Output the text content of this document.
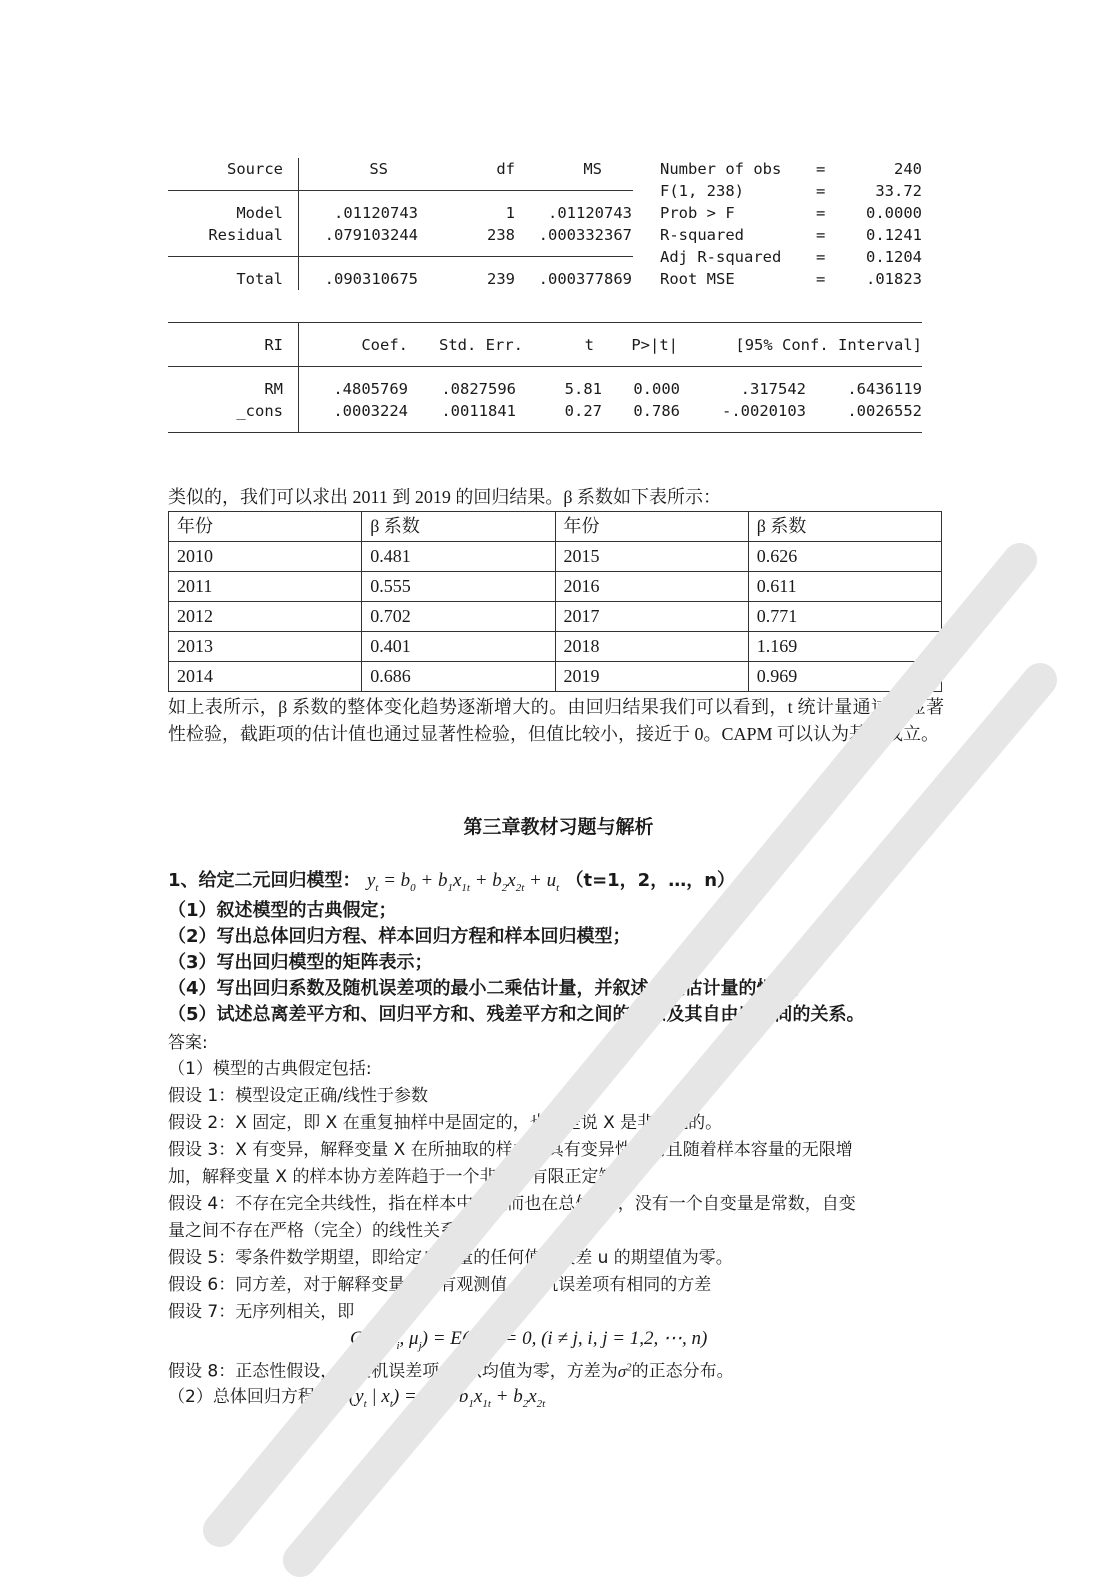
Source	SS	df	MS
Model	.01120743	1	.01120743
Residual	.079103244	238	.000332367
Total	.090310675	239	.000377869
Number of obs =	240
F(1, 238)	=	33.72
Prob > F	=	0.0000
R-squared	=	0.1241
Adj R-squared =	0.1204
Root MSE	=	.01823
RI	Coef.	Std. Err.	t	P>|t|	[95% Conf. Interval]
RM	.4805769	.0827596	5.81	0.000	.317542	.6436119
_cons	.0003224	.0011841	0.27	0.786	-.0020103	.0026552
类似的，我们可以求出 2011 到 2019 的回归结果。β 系数如下表所示：
年份	β 系数	年份	β 系数
2010	0.481	2015	0.626
2011	0.555	2016	0.611
2012	0.702	2017	0.771
2013	0.401	2018	1.169
2014	0.686	2019	0.969
如上表所示，β 系数的整体变化趋势逐渐增大的。由回归结果我们可以看到，t 统计量通过了显著性检验，截距项的估计值也通过显著性检验，但值比较小，接近于 0。CAPM 可以认为基本成立。
第三章教材习题与解析
1、给定二元回归模型： $y_t = b_0 + b_1x_{1t} + b_2x_{2t} + u_t$ （t=1，2，…，n）
（1）叙述模型的古典假定；
（2）写出总体回归方程、样本回归方程和样本回归模型；
（3）写出回归模型的矩阵表示；
（4）写出回归系数及随机误差项的最小二乘估计量，并叙述参数估计量的性质；
（5）试述总离差平方和、回归平方和、残差平方和之间的关系及其自由度之间的关系。
答案:
（1）模型的古典假定包括:
假设 1：模型设定正确/线性于参数
假设 2：X 固定，即 X 在重复抽样中是固定的，也就是说 X 是非随机的。
假设 3：X 有变异，解释变量 X 在所抽取的样本中具有变异性，而且随着样本容量的无限增
加，解释变量 X 的样本协方差阵趋于一个非零的有限正定矩阵。
假设 4：不存在完全共线性，指在样本中（从而也在总体中），没有一个自变量是常数，自变
量之间不存在严格（完全）的线性关系。
假设 5：零条件数学期望，即给定自变量的任何值，误差 u 的期望值为零。
假设 6：同方差，对于解释变量的所有观测值，随机误差项有相同的方差
假设 7：无序列相关，即
$Cov(\mu_i$, $\mu_j) = E(\mu_i\mu_j) = 0$, (i ≠ j, i, j = 1,2, ⋯, n)
假设 8：正态性假设，即随机误差项μ服从均值为零，方差为$\sigma^2$的正态分布。
（2）总体回归方程： $E(y_t$ | $x_t) = b_0 + b_1x_{1t} + b_2x_{2t}$
